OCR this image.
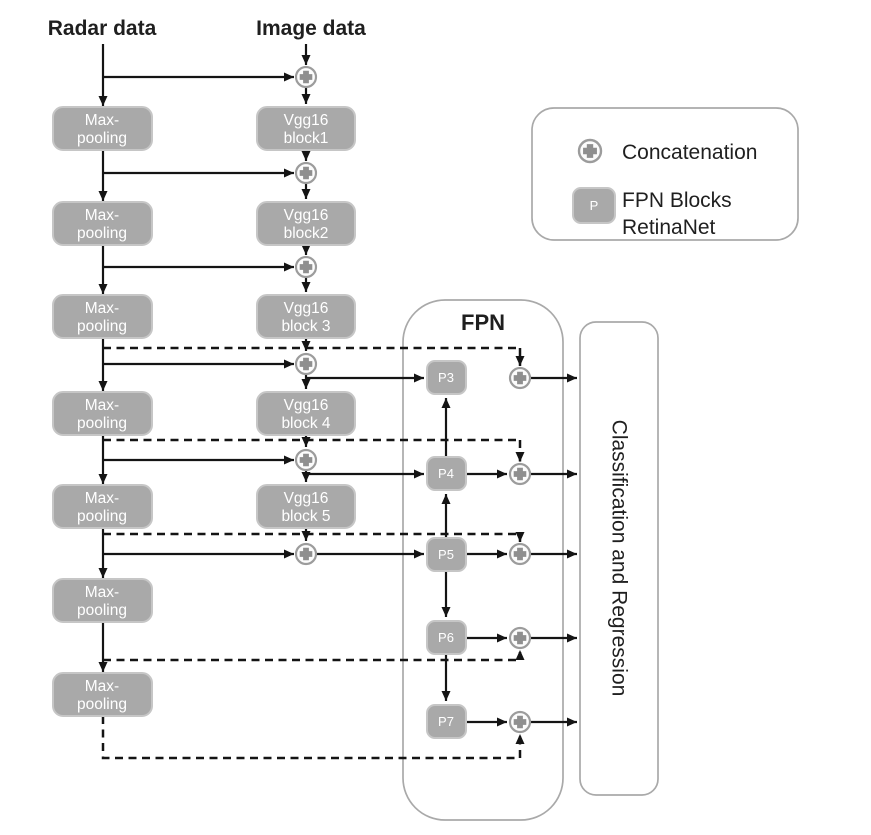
FPN
Classification and Regression
Max-
pooling
Max-
pooling
Max-
pooling
Max-
pooling
Max-
pooling
Max-
pooling
Max-
pooling
Vgg16
block1
Vgg16
block2
Vgg16
block 3
Vgg16
block 4
Vgg16
block 5
P3
P4
P5
P6
P7
Radar data	Image data
Concatenation
P FPN Blocks
RetinaNet
